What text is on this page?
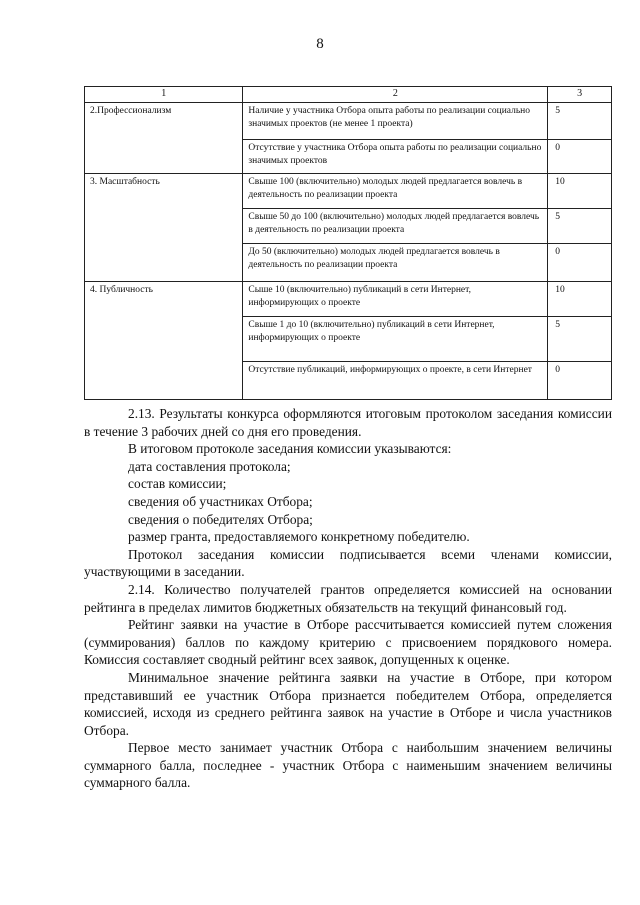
8
1	2	3
2.Профессионализм	Наличие у участника Отбора опыта работы по реализации социально значимых проектов (не менее 1 проекта)	5

	Отсутствие у участника Отбора опыта работы по реализации социально значимых проектов	0

3. Масштабность	Свыше 100 (включительно) молодых людей предлагается вовлечь в деятельность по реализации проекта	10

	Свыше 50 до 100 (включительно) молодых людей предлагается вовлечь в деятельность по реализации проекта	5

	До 50 (включительно) молодых людей предлагается вовлечь в деятельность по реализации проекта	0

4. Публичность	Сыше 10 (включительно) публикаций в сети Интернет, информирующих о проекте	10

	Свыше 1 до 10 (включительно) публикаций в сети Интернет, информирующих о проекте	5

	Отсутствие публикаций, информирующих о проекте, в сети Интернет	0

2.13. Результаты конкурса оформляются итоговым протоколом заседания комиссии в течение 3 рабочих дней со дня его проведения.

В итоговом протоколе заседания комиссии указываются:

дата составления протокола;

состав комиссии;

сведения об участниках Отбора;

сведения о победителях Отбора;

размер гранта, предоставляемого конкретному победителю.

Протокол заседания комиссии подписывается всеми членами комиссии, участвующими в заседании.

2.14. Количество получателей грантов определяется комиссией на основании рейтинга в пределах лимитов бюджетных обязательств на текущий финансовый год.

Рейтинг заявки на участие в Отборе рассчитывается комиссией путем сложения (суммирования) баллов по каждому критерию с присвоением порядкового номера. Комиссия составляет сводный рейтинг всех заявок, допущенных к оценке.

Минимальное значение рейтинга заявки на участие в Отборе, при котором представивший ее участник Отбора признается победителем Отбора, определяется комиссией, исходя из среднего рейтинга заявок на участие в Отборе и числа участников Отбора.

Первое место занимает участник Отбора с наибольшим значением величины суммарного балла, последнее - участник Отбора с наименьшим значением величины суммарного балла.
